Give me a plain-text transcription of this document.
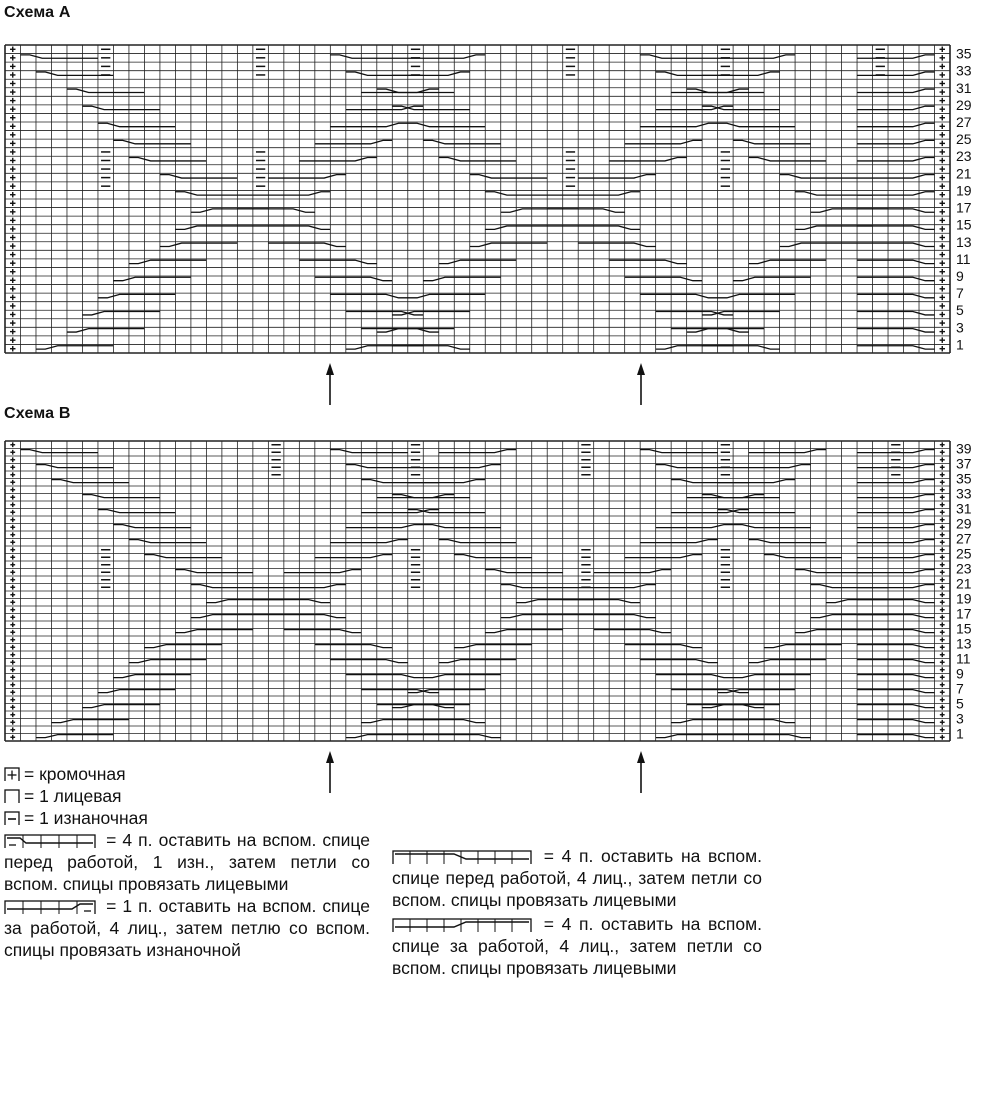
Схема A
35
33
31
29
27
25
23
21
19
17
15
13
11
9
7
5
3
1
Схема B
39
37
35
33
31
29
27
25
23
21
19
17
15
13
11
9
7
5
3
1
= кромочная
= 1 лицевая
= 1 изнаночная
= 4 п. оставить на вспом. спице перед работой, 1 изн., затем петли со вспом. спицы провязать лицевыми
= 1 п. оставить на вспом. спице за работой, 4 лиц., затем петлю со вспом. спицы провязать изнаночной
= 4 п. оставить на вспом. спице перед работой, 4 лиц., затем петли со вспом. спицы провязать лицевыми
= 4 п. оставить на вспом. спице за работой, 4 лиц., затем петли со вспом. спицы провязать лицевыми
